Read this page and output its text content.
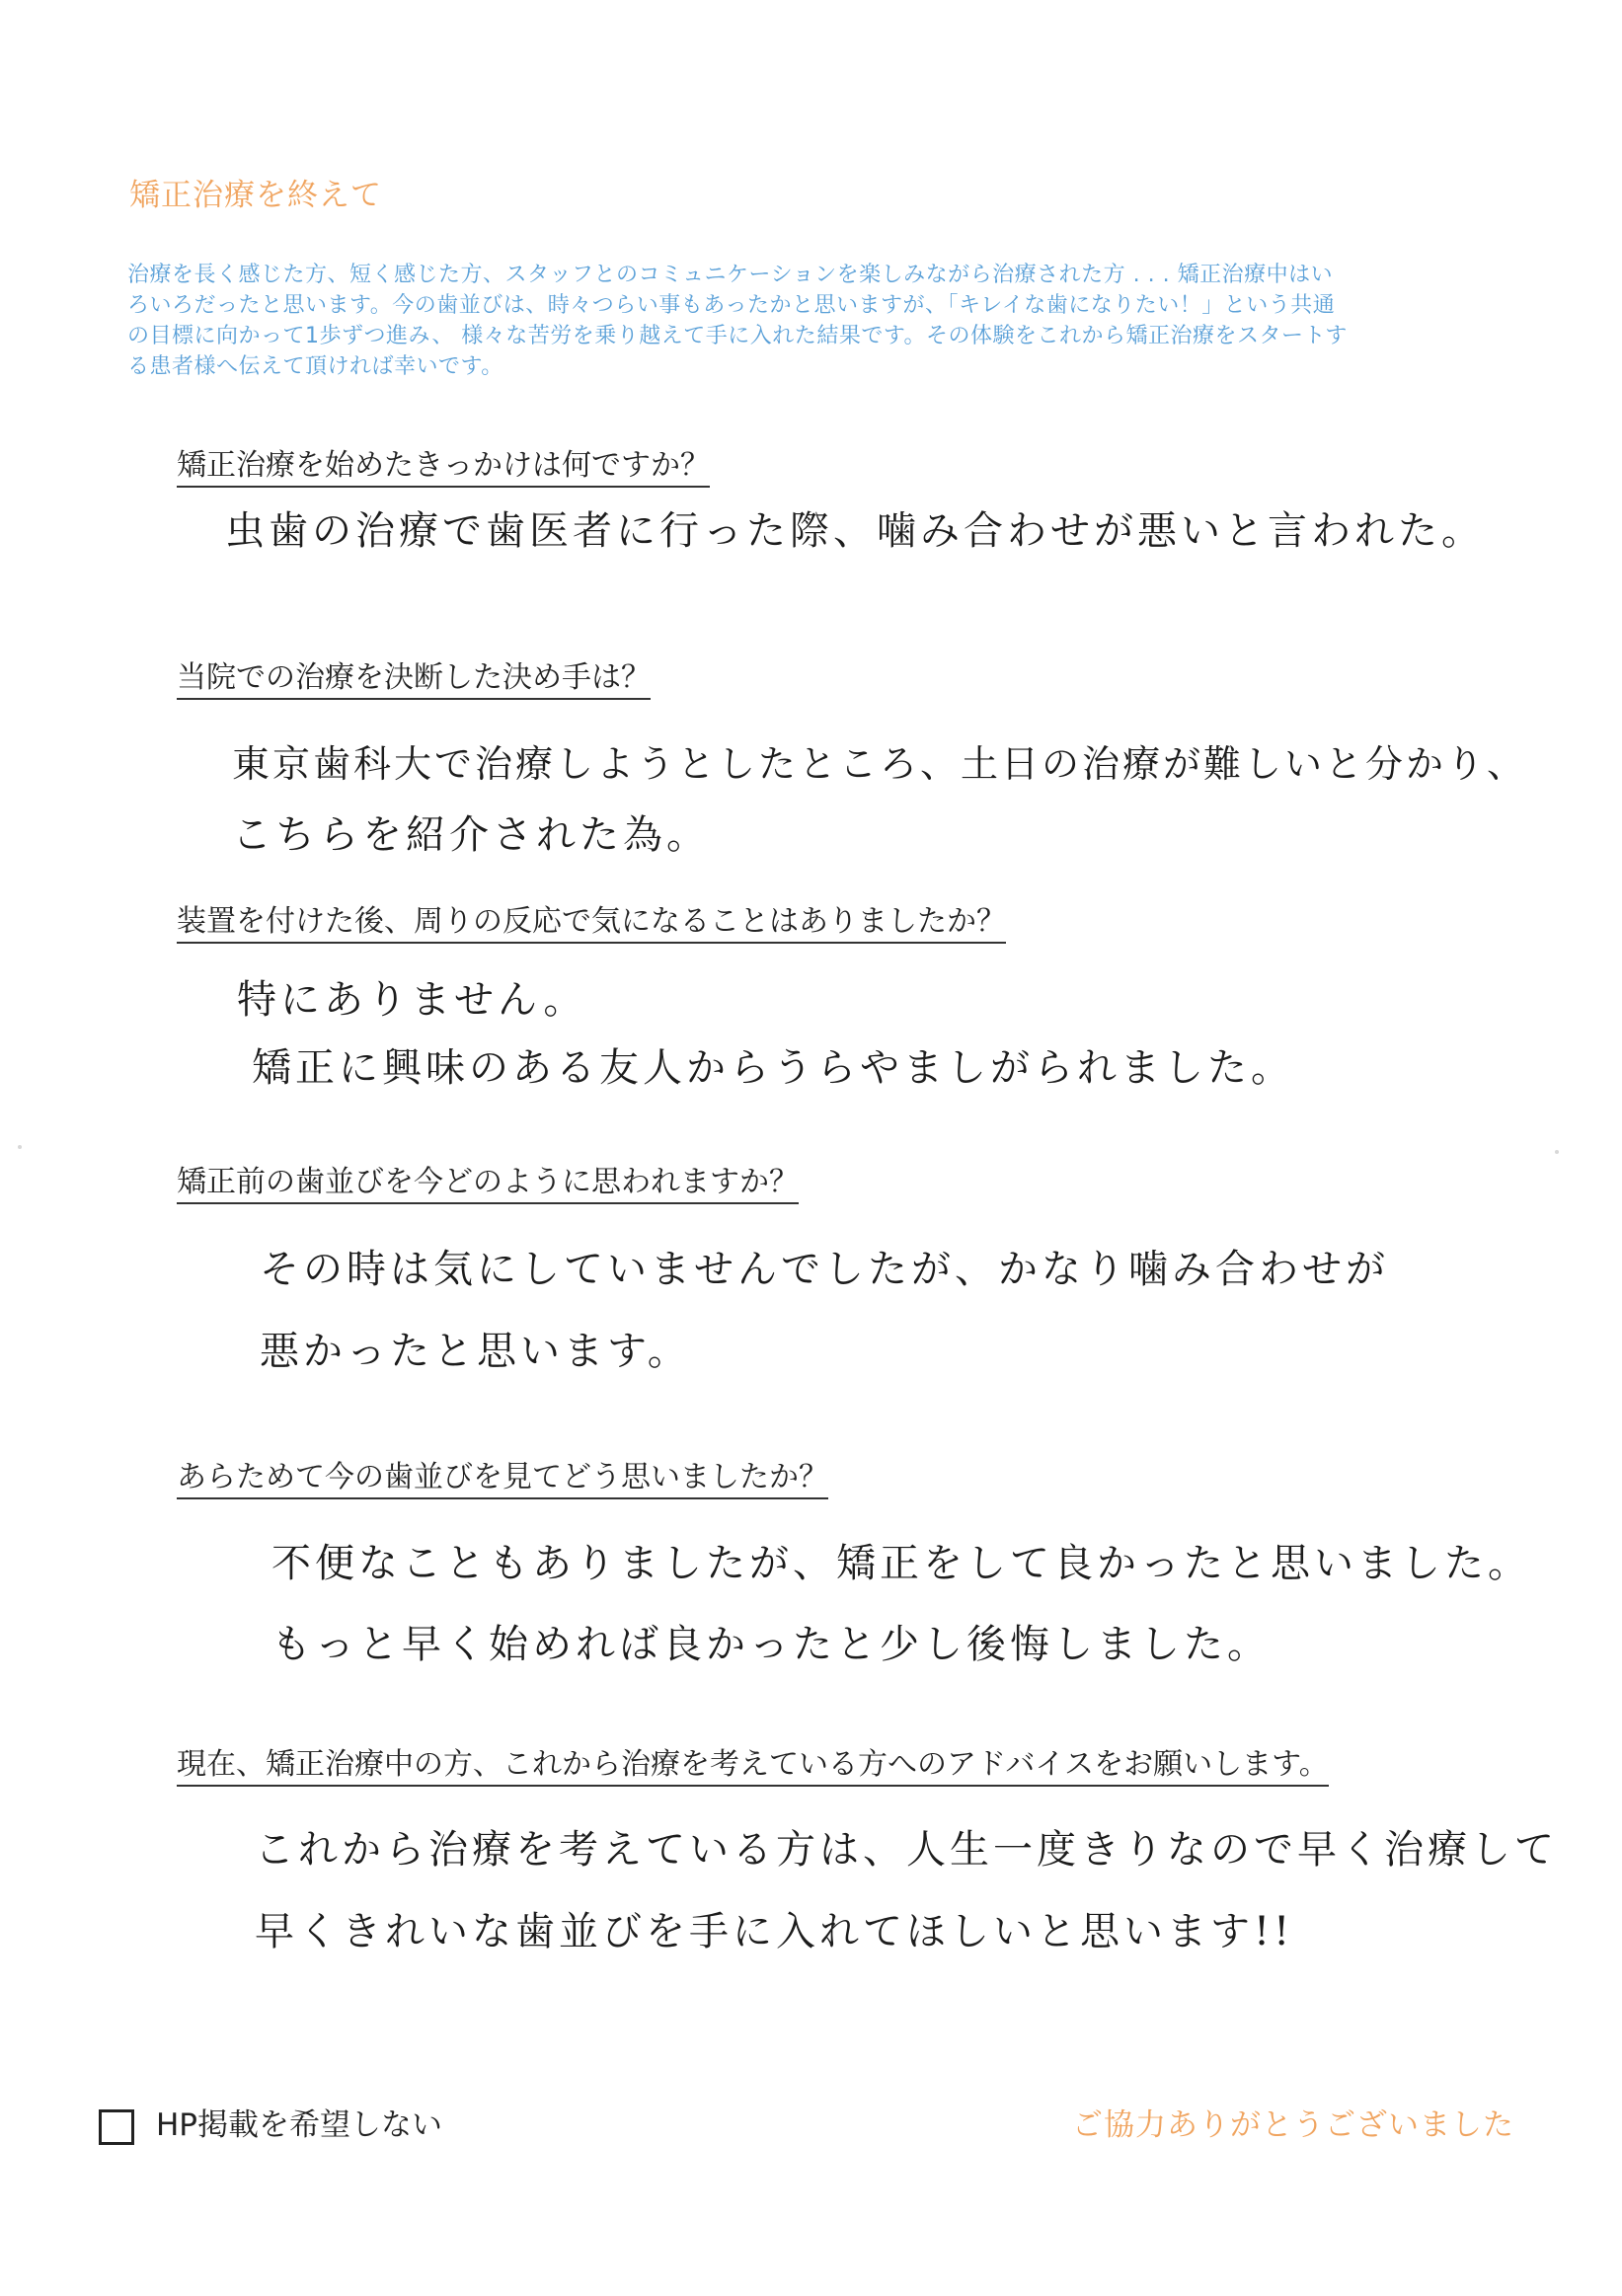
矯正治療を終えて
治療を長く感じた方、短く感じた方、スタッフとのコミュニケーションを楽しみながら治療された方 . . . 矯正治療中はい
ろいろだったと思います。今の歯並びは、時々つらい事もあったかと思いますが、「キレイな歯になりたい！」という共通
の目標に向かって1歩ずつ進み、 様々な苦労を乗り越えて手に入れた結果です。その体験をこれから矯正治療をスタートす
る患者様へ伝えて頂ければ幸いです。
矯正治療を始めたきっかけは何ですか？
虫歯の治療で歯医者に行った際、噛み合わせが悪いと言われた。
当院での治療を決断した決め手は？
東京歯科大で治療しようとしたところ、土日の治療が難しいと分かり、
こちらを紹介された為。
装置を付けた後、周りの反応で気になることはありましたか？
特にありません。
矯正に興味のある友人からうらやましがられました。
矯正前の歯並びを今どのように思われますか？
その時は気にしていませんでしたが、かなり噛み合わせが
悪かったと思います。
あらためて今の歯並びを見てどう思いましたか？
不便なこともありましたが、矯正をして良かったと思いました。
もっと早く始めれば良かったと少し後悔しました。
現在、矯正治療中の方、これから治療を考えている方へのアドバイスをお願いします。
これから治療を考えている方は、人生一度きりなので早く治療して
早くきれいな歯並びを手に入れてほしいと思います!!
HP掲載を希望しない	ご協力ありがとうございました
